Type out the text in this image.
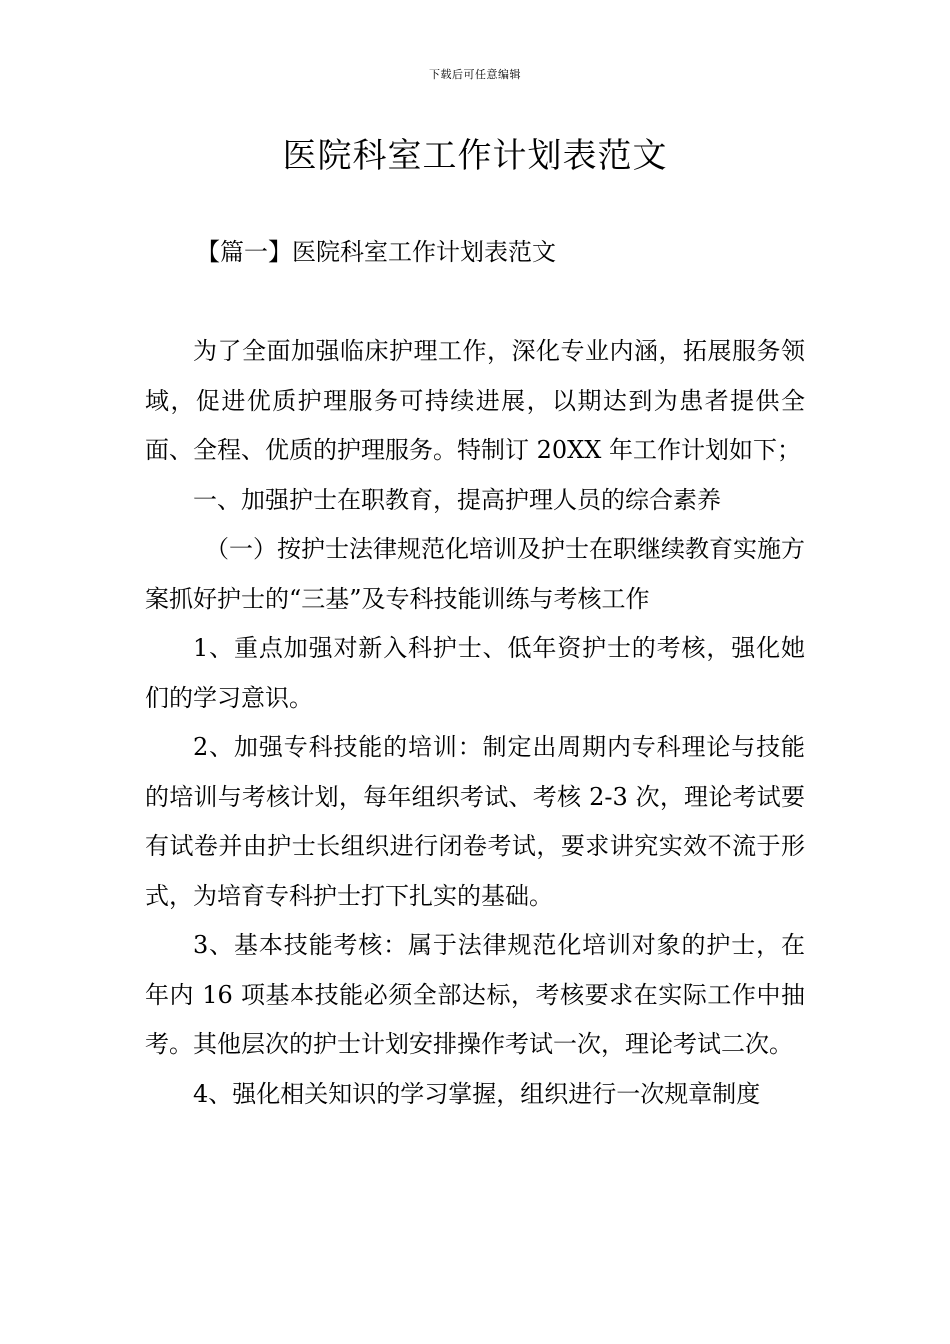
下载后可任意编辑
医院科室工作计划表范文
【篇一】医院科室工作计划表范文

为了全面加强临床护理工作，深化专业内涵，拓展服务领域，促进优质护理服务可持续进展，以期达到为患者提供全面、全程、优质的护理服务。特制订 20XX 年工作计划如下；

一、加强护士在职教育，提高护理人员的综合素养

（一）按护士法律规范化培训及护士在职继续教育实施方案抓好护士的“三基”及专科技能训练与考核工作

1、重点加强对新入科护士、低年资护士的考核，强化她们的学习意识。

2、加强专科技能的培训：制定出周期内专科理论与技能的培训与考核计划，每年组织考试、考核 2-3 次，理论考试要有试卷并由护士长组织进行闭卷考试，要求讲究实效不流于形式，为培育专科护士打下扎实的基础。

3、基本技能考核：属于法律规范化培训对象的护士，在年内 16 项基本技能必须全部达标，考核要求在实际工作中抽考。其他层次的护士计划安排操作考试一次，理论考试二次。

4、强化相关知识的学习掌握，组织进行一次规章制度
